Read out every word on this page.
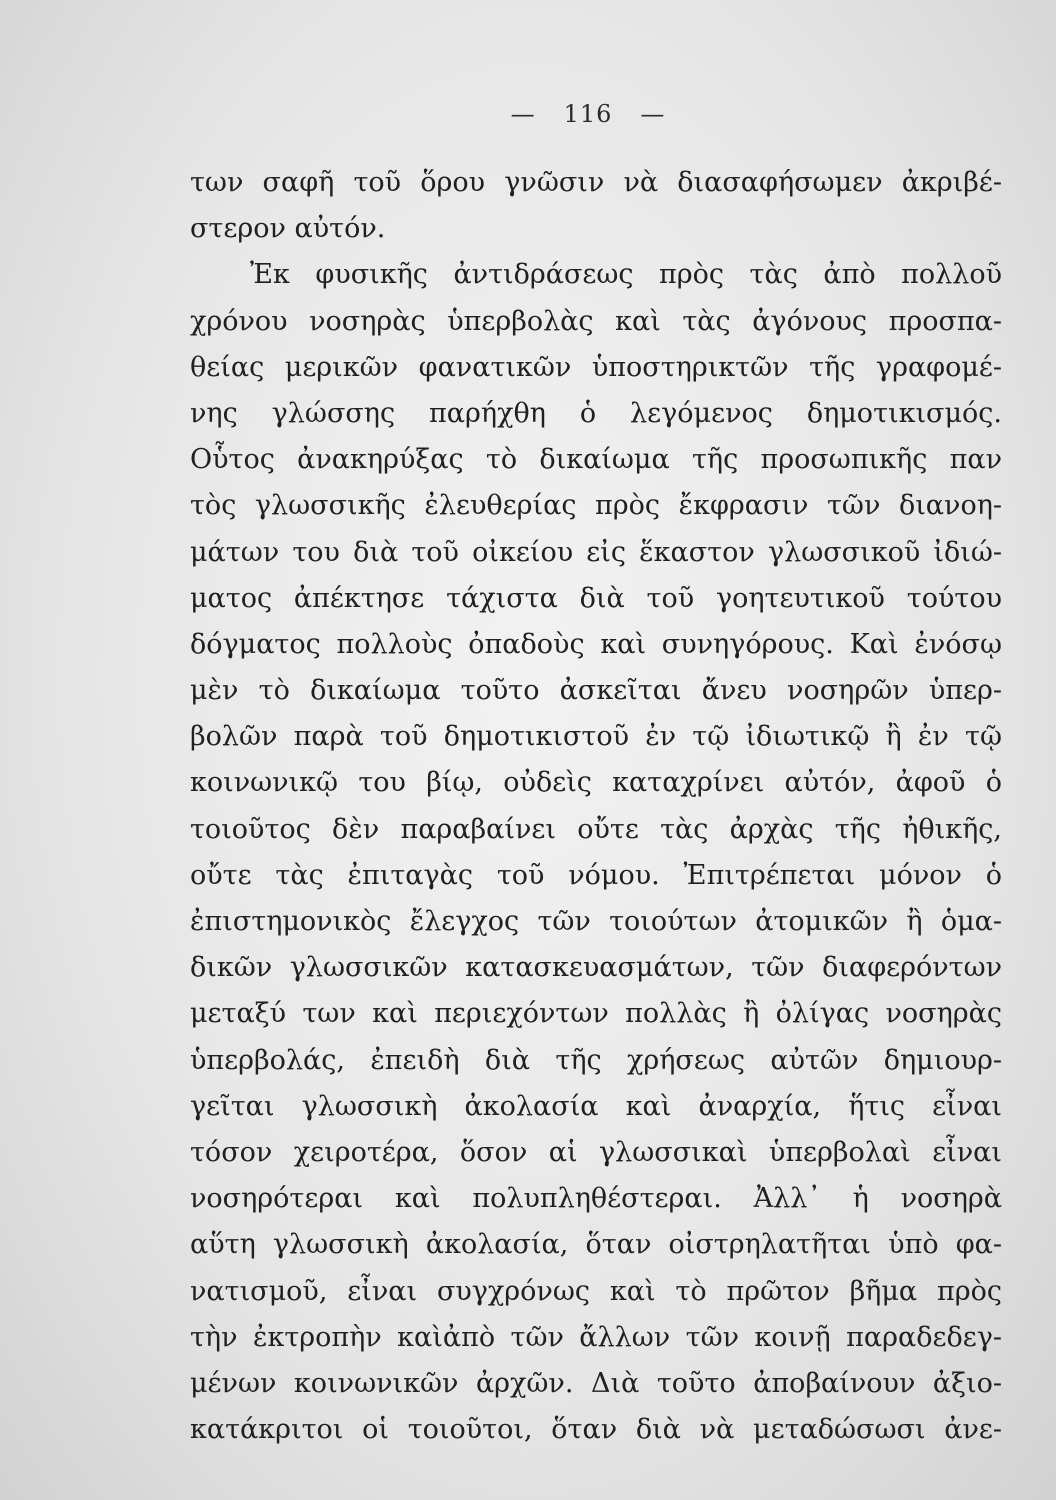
— 116 —
των σαφῆ τοῦ ὅρου γνῶσιν νὰ διασαφήσωμεν ἀκριβέ-
στερον αὐτόν.
Ἐκ φυσικῆς ἀντιδράσεως πρὸς τὰς ἀπὸ πολλοῦ
χρόνου νοσηρὰς ὑπερβολὰς καὶ τὰς ἀγόνους προσπα-
θείας μερικῶν φανατικῶν ὑποστηρικτῶν τῆς γραφομέ-
νης γλώσσης παρήχθη ὁ λεγόμενος δημοτικισμός.
Οὗτος ἀνακηρύξας τὸ δικαίωμα τῆς προσωπικῆς παν
τὸς γλωσσικῆς ἐλευθερίας πρὸς ἔκφρασιν τῶν διανοη-
μάτων του διὰ τοῦ οἰκείου εἰς ἕκαστον γλωσσικοῦ ἰδιώ-
ματος ἀπέκτησε τάχιστα διὰ τοῦ γοητευτικοῦ τούτου
δόγματος πολλοὺς ὀπαδοὺς καὶ συνηγόρους. Καὶ ἐνόσῳ
μὲν τὸ δικαίωμα τοῦτο ἀσκεῖται ἄνευ νοσηρῶν ὑπερ-
βολῶν παρὰ τοῦ δημοτικιστοῦ ἐν τῷ ἰδιωτικῷ ἢ ἐν τῷ
κοινωνικῷ του βίῳ, οὐδεὶς καταχρίνει αὐτόν, ἀφοῦ ὁ
τοιοῦτος δὲν παραβαίνει οὔτε τὰς ἀρχὰς τῆς ἠθικῆς,
οὔτε τὰς ἐπιταγὰς τοῦ νόμου. Ἐπιτρέπεται μόνον ὁ
ἐπιστημονικὸς ἔλεγχος τῶν τοιούτων ἀτομικῶν ἢ ὁμα-
δικῶν γλωσσικῶν κατασκευασμάτων, τῶν διαφερόντων
μεταξύ των καὶ περιεχόντων πολλὰς ἢ ὀλίγας νοσηρὰς
ὑπερβολάς, ἐπειδὴ διὰ τῆς χρήσεως αὐτῶν δημιουρ-
γεῖται γλωσσικὴ ἀκολασία καὶ ἀναρχία, ἥτις εἶναι
τόσον χειροτέρα, ὅσον αἱ γλωσσικαὶ ὑπερβολαὶ εἶναι
νοσηρότεραι καὶ πολυπληθέστεραι. Ἀλλ᾽ ἡ νοσηρὰ
αὕτη γλωσσικὴ ἀκολασία, ὅταν οἰστρηλατῆται ὑπὸ φα-
νατισμοῦ, εἶναι συγχρόνως καὶ τὸ πρῶτον βῆμα πρὸς
τὴν ἐκτροπὴν καὶἀπὸ τῶν ἄλλων τῶν κοινῇ παραδεδεγ-
μένων κοινωνικῶν ἀρχῶν. Διὰ τοῦτο ἀποβαίνουν ἀξιο-
κατάκριτοι οἱ τοιοῦτοι, ὅταν διὰ νὰ μεταδώσωσι ἀνε-
